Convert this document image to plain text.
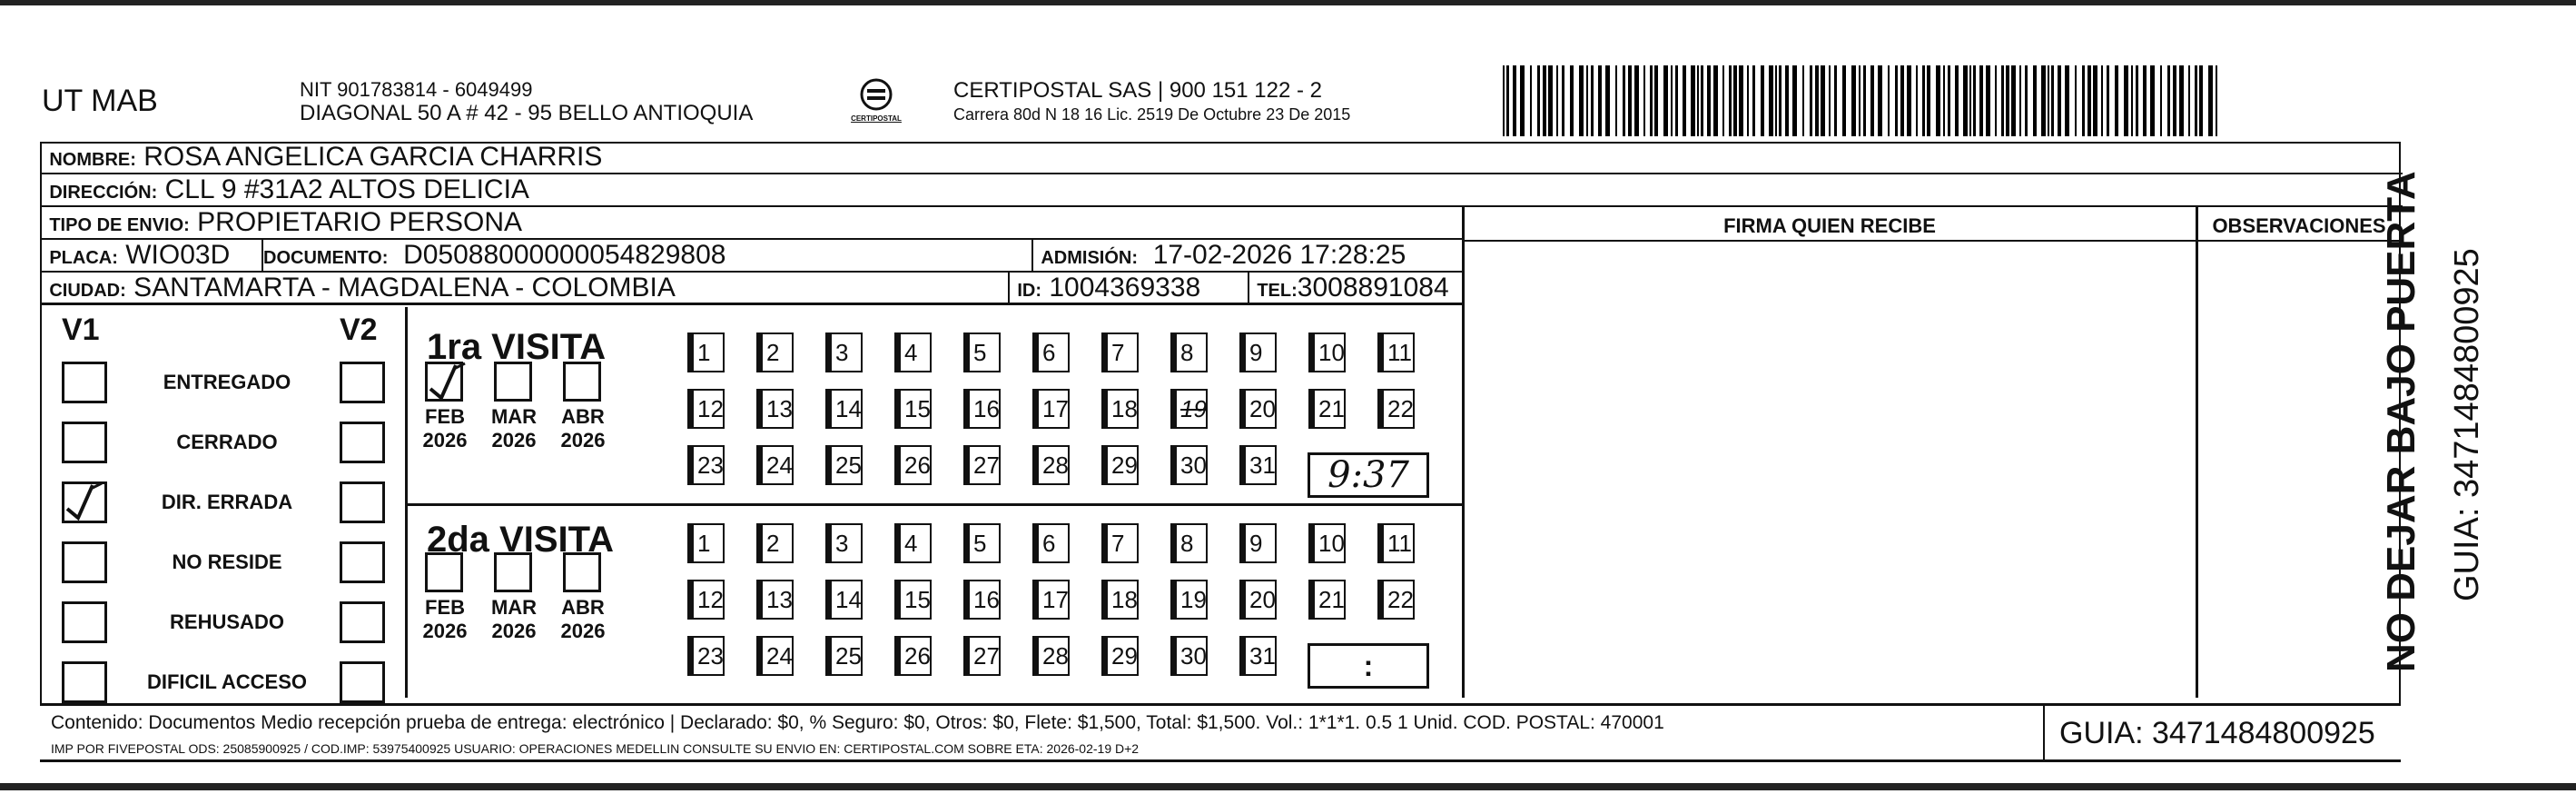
UT MAB	NIT 901783814 - 6049499
DIAGONAL 50 A # 42 - 95 BELLO ANTIOQUIA	CERTIPOSTAL
CERTIPOSTAL SAS | 900 151 122 - 2
Carrera 80d N 18 16 Lic. 2519 De Octubre 23 De 2015
NOMBRE: ROSA ANGELICA GARCIA CHARRIS
DIRECCIÓN: CLL 9 #31A2 ALTOS DELICIA
TIPO DE ENVIO: PROPIETARIO PERSONA
PLACA: WIO03D	DOCUMENTO: D050880000000548298​08	ADMISIÓN: 17-02-2026 17:28:25
CIUDAD: SANTAMARTA - MAGDALENA - COLOMBIA	ID: 1004369338	TEL:3008891084
FIRMA QUIEN RECIBE	OBSERVACIONES
V1	V2
ENTREGADO
CERRADO
DIR. ERRADA
NO RESIDE
REHUSADO
DIFICIL ACCESO
1ra VISITA
2da VISITA
FEB
2026
MAR
2026
ABR
2026
1	2	3	4	5	6	7	8	9	10 11
12 13 14 15 16 17 18 19 20 21 22
23 24 25 26 27 28 29 30 31
FEB
2026
MAR
2026
ABR
2026
1	2	3	4	5	6	7	8	9	10 11
12 13 14 15 16 17 18 19 20 21 22
23 24 25 26 27 28 29 30 31
9:37
:
Contenido: Documentos Medio recepción prueba de entrega: electrónico | Declarado: $0, % Seguro: $0, Otros: $0, Flete: $1,500, Total: $1,500. Vol.: 1*1*1. 0.5 1 Unid. COD. POSTAL: 470001
IMP POR FIVEPOSTAL ODS: 25085900925 / COD.IMP: 53975400925 USUARIO: OPERACIONES MEDELLIN CONSULTE SU ENVIO EN: CERTIPOSTAL.COM SOBRE ETA: 2026-02-19 D+2	GUIA: 3471484800925
NO DEJAR BAJO PUERTA GUIA: 3471484800925
